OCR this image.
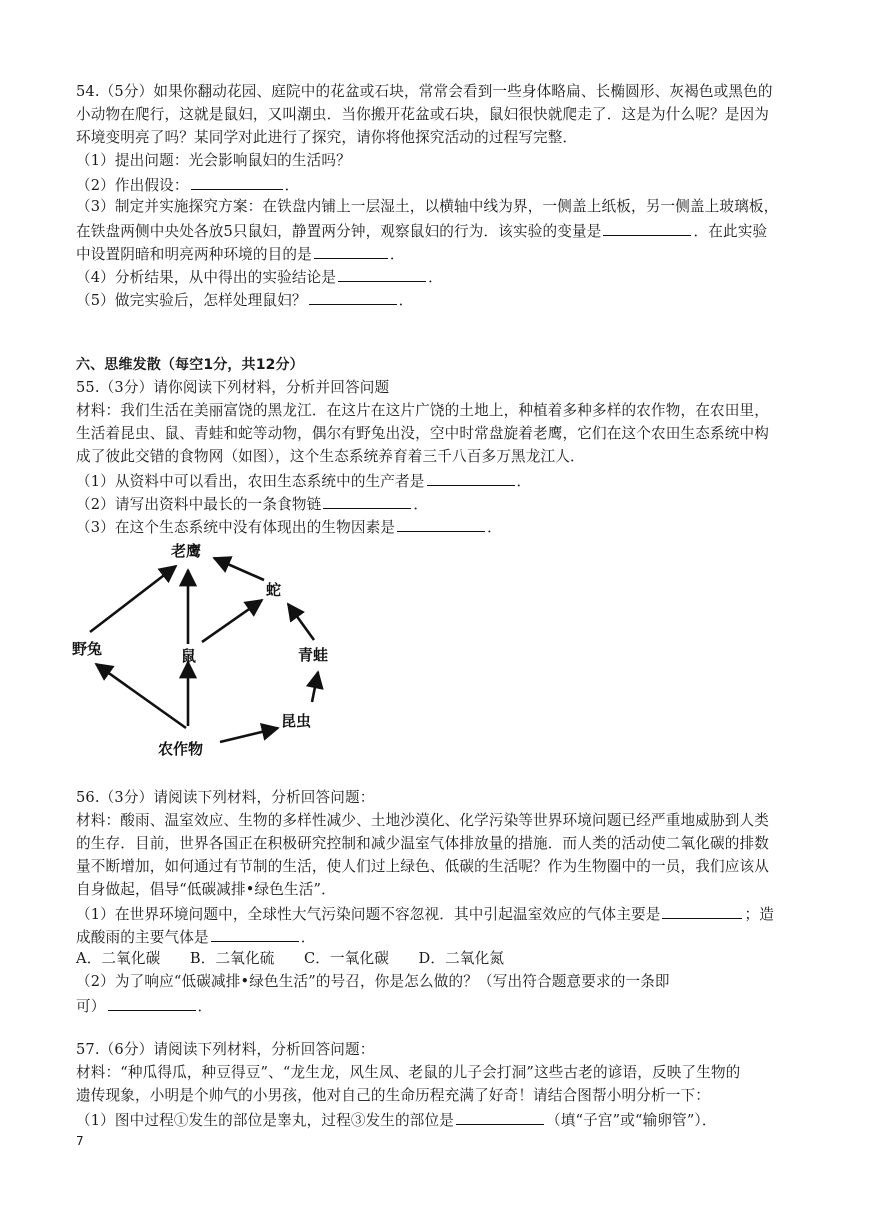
54.（5分）如果你翻动花园、庭院中的花盆或石块，常常会看到一些身体略扁、长椭圆形、灰褐色或黑色的
小动物在爬行，这就是鼠妇，又叫潮虫．当你搬开花盆或石块，鼠妇很快就爬走了．这是为什么呢？是因为
环境变明亮了吗？某同学对此进行了探究，请你将他探究活动的过程写完整．
（1）提出问题：光会影响鼠妇的生活吗？
（2）作出假设：	．
（3）制定并实施探究方案：在铁盘内铺上一层湿土，以横轴中线为界，一侧盖上纸板，另一侧盖上玻璃板，
在铁盘两侧中央处各放5只鼠妇，静置两分钟，观察鼠妇的行为．该实验的变量是	．在此实验
中设置阴暗和明亮两种环境的目的是	．
（4）分析结果，从中得出的实验结论是	．
（5）做完实验后，怎样处理鼠妇？	．
六、思维发散（每空1分，共12分）
55.（3分）请你阅读下列材料，分析并回答问题
材料：我们生活在美丽富饶的黑龙江．在这片在这片广饶的土地上，种植着多种多样的农作物，在农田里，
生活着昆虫、鼠、青蛙和蛇等动物，偶尔有野兔出没，空中时常盘旋着老鹰，它们在这个农田生态系统中构
成了彼此交错的食物网（如图），这个生态系统养育着三千八百多万黑龙江人．
（1）从资料中可以看出，农田生态系统中的生产者是	．
（2）请写出资料中最长的一条食物链	．
（3）在这个生态系统中没有体现出的生物因素是	．
老鹰
蛇
野兔	鼠	青蛙
昆虫
农作物
56.（3分）请阅读下列材料，分析回答问题：
材料：酸雨、温室效应、生物的多样性减少、土地沙漠化、化学污染等世界环境问题已经严重地威胁到人类
的生存．目前，世界各国正在积极研究控制和减少温室气体排放量的措施．而人类的活动使二氧化碳的排数
量不断增加，如何通过有节制的生活，使人们过上绿色、低碳的生活呢？作为生物圈中的一员，我们应该从
自身做起，倡导“低碳减排•绿色生活”．
（1）在世界环境问题中，全球性大气污染问题不容忽视．其中引起温室效应的气体主要是	；造
成酸雨的主要气体是	．
A．二氧化碳　　B．二氧化硫　　C．一氧化碳　　D．二氧化氮
（2）为了响应“低碳减排•绿色生活”的号召，你是怎么做的？（写出符合题意要求的一条即
可）	．
57.（6分）请阅读下列材料，分析回答问题：
材料：“种瓜得瓜，种豆得豆”、“龙生龙，风生凤、老鼠的儿子会打洞”这些古老的谚语，反映了生物的
遗传现象，小明是个帅气的小男孩，他对自己的生命历程充满了好奇！请结合图帮小明分析一下：
（1）图中过程①发生的部位是睾丸，过程③发生的部位是	（填“子宫”或“输卵管”）．
7
